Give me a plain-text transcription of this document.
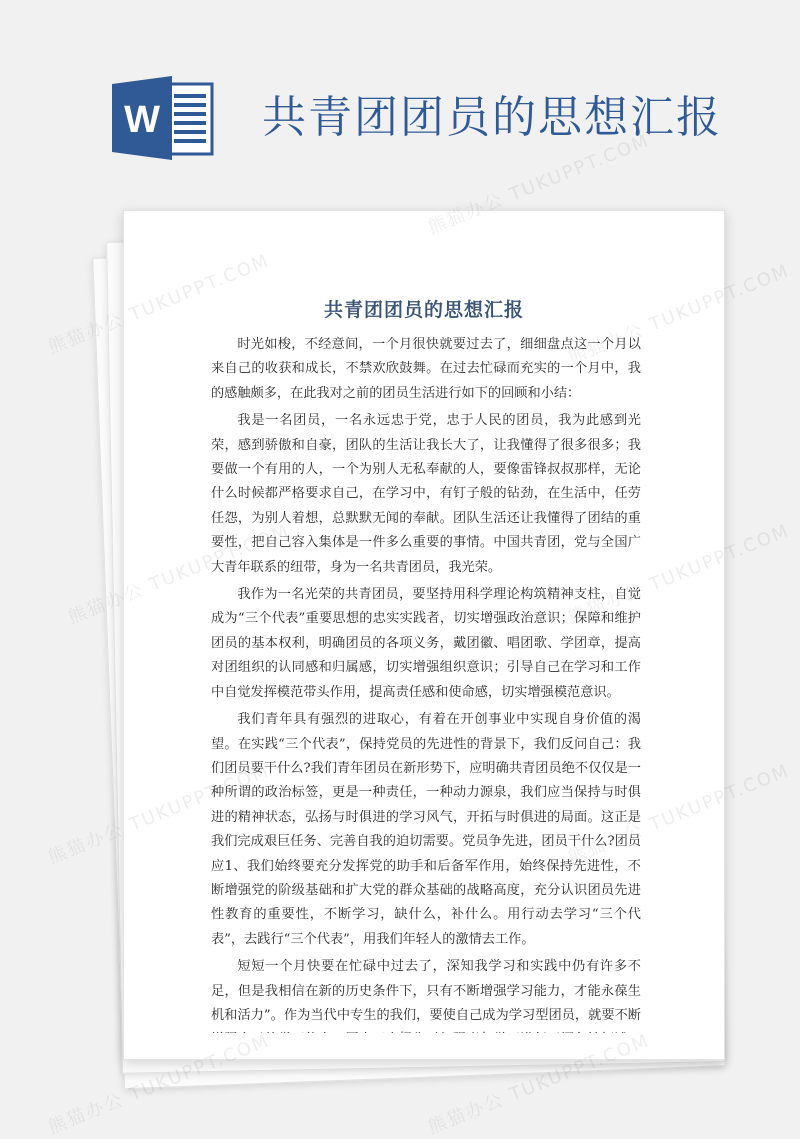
W 共青团团员的思想汇报
共青团团员的思想汇报

时光如梭，不经意间，一个月很快就要过去了，细细盘点这一个月以来自己的收获和成长，不禁欢欣鼓舞。在过去忙碌而充实的一个月中，我的感触颇多，在此我对之前的团员生活进行如下的回顾和小结：

我是一名团员，一名永远忠于党，忠于人民的团员，我为此感到光荣，感到骄傲和自豪，团队的生活让我长大了，让我懂得了很多很多；我要做一个有用的人，一个为别人无私奉献的人，要像雷锋叔叔那样，无论什么时候都严格要求自己，在学习中，有钉子般的钻劲，在生活中，任劳任怨，为别人着想，总默默无闻的奉献。团队生活还让我懂得了团结的重要性，把自己容入集体是一件多么重要的事情。中国共青团，党与全国广大青年联系的纽带，身为一名共青团员，我光荣。

我作为一名光荣的共青团员，要坚持用科学理论构筑精神支柱，自觉成为“三个代表”重要思想的忠实实践者，切实增强政治意识；保障和维护团员的基本权利，明确团员的各项义务，戴团徽、唱团歌、学团章，提高对团组织的认同感和归属感，切实增强组织意识；引导自己在学习和工作中自觉发挥模范带头作用，提高责任感和使命感，切实增强模范意识。

我们青年具有强烈的进取心，有着在开创事业中实现自身价值的渴望。在实践“三个代表”，保持党员的先进性的背景下，我们反问自己：我们团员要干什么?我们青年团员在新形势下，应明确共青团员绝不仅仅是一种所谓的政治标签，更是一种责任，一种动力源泉，我们应当保持与时俱进的精神状态，弘扬与时俱进的学习风气，开拓与时俱进的局面。这正是我们完成艰巨任务、完善自我的迫切需要。党员争先进，团员干什么?团员应1、我们始终要充分发挥党的助手和后备军作用，始终保持先进性，不断增强党的阶级基础和扩大党的群众基础的战略高度，充分认识团员先进性教育的重要性，不断学习，缺什么，补什么。用行动去学习“三个代表”，去践行“三个代表”，用我们年轻人的激情去工作。

短短一个月快要在忙碌中过去了，深知我学习和实践中仍有许多不足，但是我相信在新的历史条件下，只有不断增强学习能力，才能永葆生机和活力”。作为当代中专生的我们，要使自己成为学习型团员，就要不断

熊猫办公 TUKUPPT.COM
熊猫办公
熊猫办公
熊猫办公 TUKUPPT.COM
熊猫办公
